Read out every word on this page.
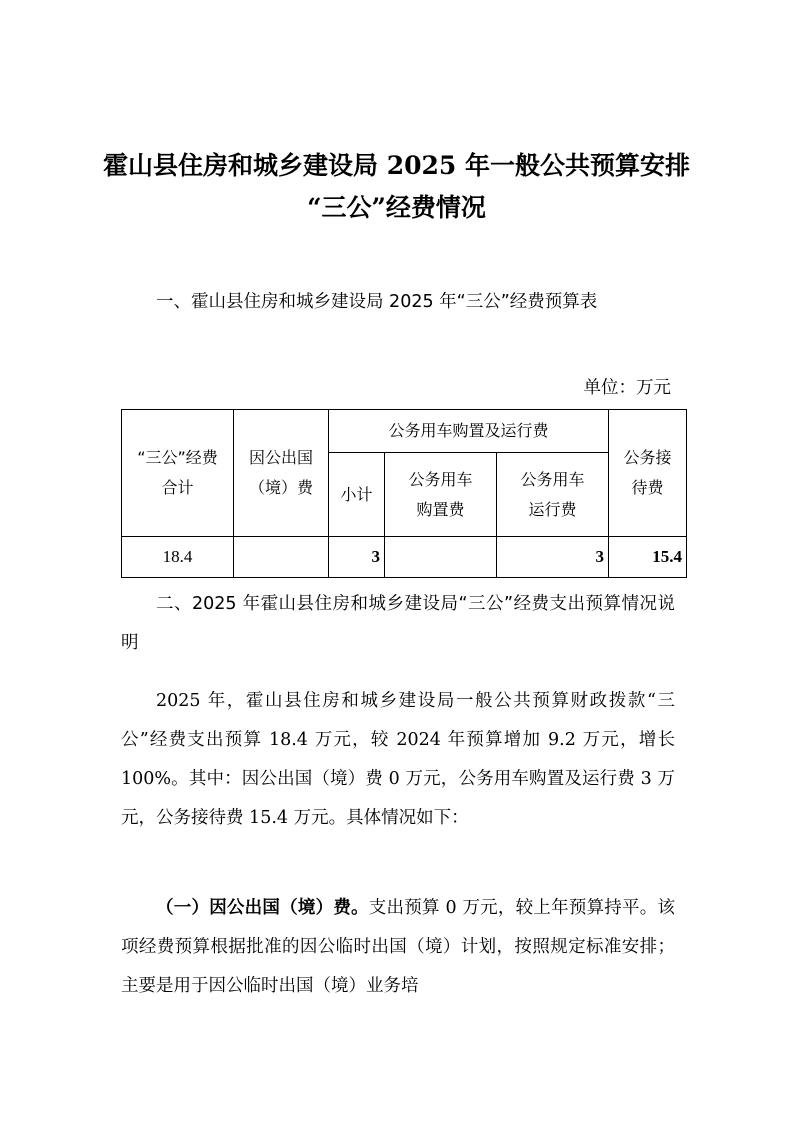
霍山县住房和城乡建设局 2025 年一般公共预算安排
“三公”经费情况
一、霍山县住房和城乡建设局 2025 年“三公”经费预算表
单位：万元
“三公”经费合计	因公出国（境）费	公务用车购置及运行费			公务接待费
		小计	公务用车购置费	公务用车运行费	
18.4		3		3	15.4
二、2025 年霍山县住房和城乡建设局“三公”经费支出预算情况说明
2025 年，霍山县住房和城乡建设局一般公共预算财政拨款“三公”经费支出预算 18.4 万元，较 2024 年预算增加 9.2 万元，增长 100%。其中：因公出国（境）费 0 万元，公务用车购置及运行费 3 万元，公务接待费 15.4 万元。具体情况如下：
（一）因公出国（境）费。支出预算 0 万元，较上年预算持平。该项经费预算根据批准的因公临时出国（境）计划，按照规定标准安排；主要是用于因公临时出国（境）业务培
